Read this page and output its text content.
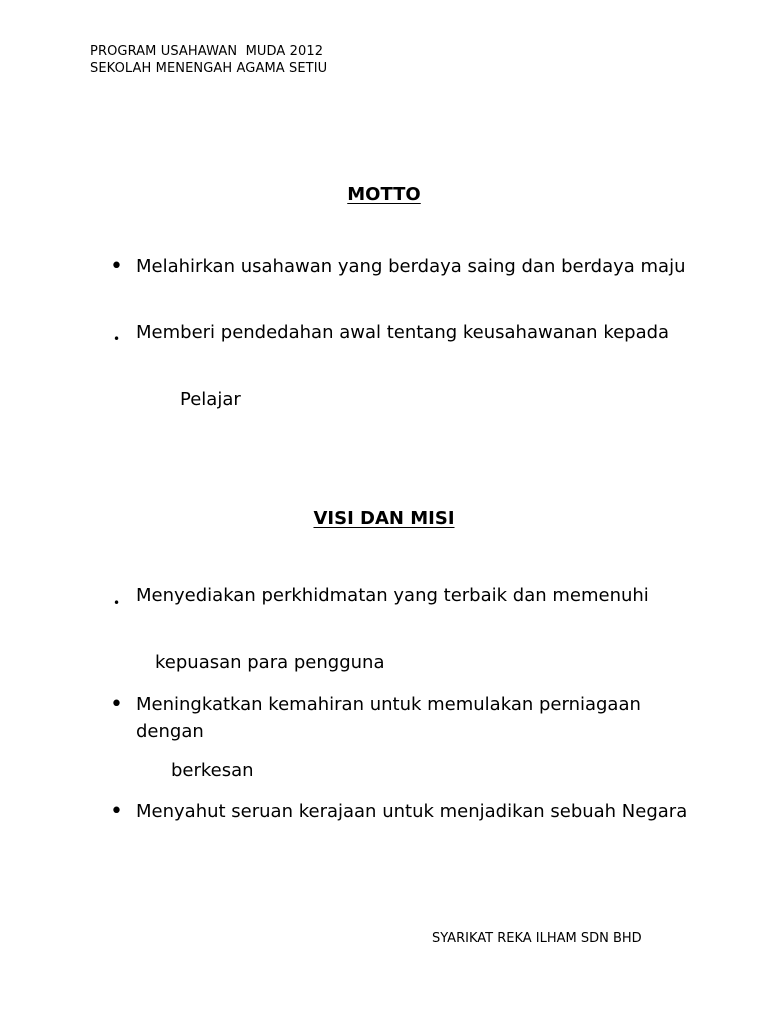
PROGRAM USAHAWAN  MUDA 2012
SEKOLAH MENENGAH AGAMA SETIU
MOTTO
• Melahirkan usahawan yang berdaya saing dan berdaya maju
• Memberi pendedahan awal tentang keusahawanan kepada
Pelajar
VISI DAN MISI
• Menyediakan perkhidmatan yang terbaik dan memenuhi
kepuasan para pengguna
• Meningkatkan kemahiran untuk memulakan perniagaan dengan
berkesan
• Menyahut seruan kerajaan untuk menjadikan sebuah Negara
SYARIKAT REKA ILHAM SDN BHD
